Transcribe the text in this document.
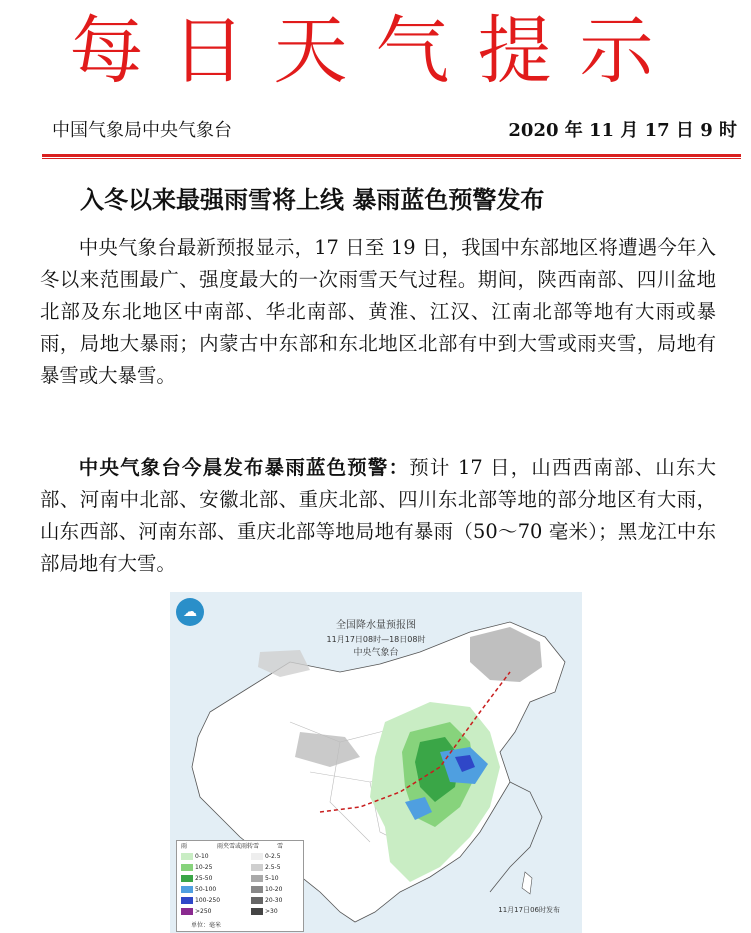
每日天气提示
中国气象局中央气象台	2020 年 11 月 17 日 9 时
入冬以来最强雨雪将上线 暴雨蓝色预警发布

中央气象台最新预报显示，17 日至 19 日，我国中东部地区将遭遇今年入冬以来范围最广、强度最大的一次雨雪天气过程。期间，陕西南部、四川盆地北部及东北地区中南部、华北南部、黄淮、江汉、江南北部等地有大雨或暴雨，局地大暴雨；内蒙古中东部和东北地区北部有中到大雪或雨夹雪，局地有暴雪或大暴雪。

中央气象台今晨发布暴雨蓝色预警：预计 17 日，山西西南部、山东大部、河南中北部、安徽北部、重庆北部、四川东北部等地的部分地区有大雨，山东西部、河南东部、重庆北部等地局地有暴雨（50～70 毫米）；黑龙江中东部局地有大雪。

☁
全国降水量预报图
11月17日08时—18日08时
中央气象台
11月17日06时发布
雨	雨夹雪或雨转雪	雪
0-10
10-25
25-50
50-100
100-250
>250
0-2.5
2.5-5
5-10
10-20
20-30
>30
单位：毫米
